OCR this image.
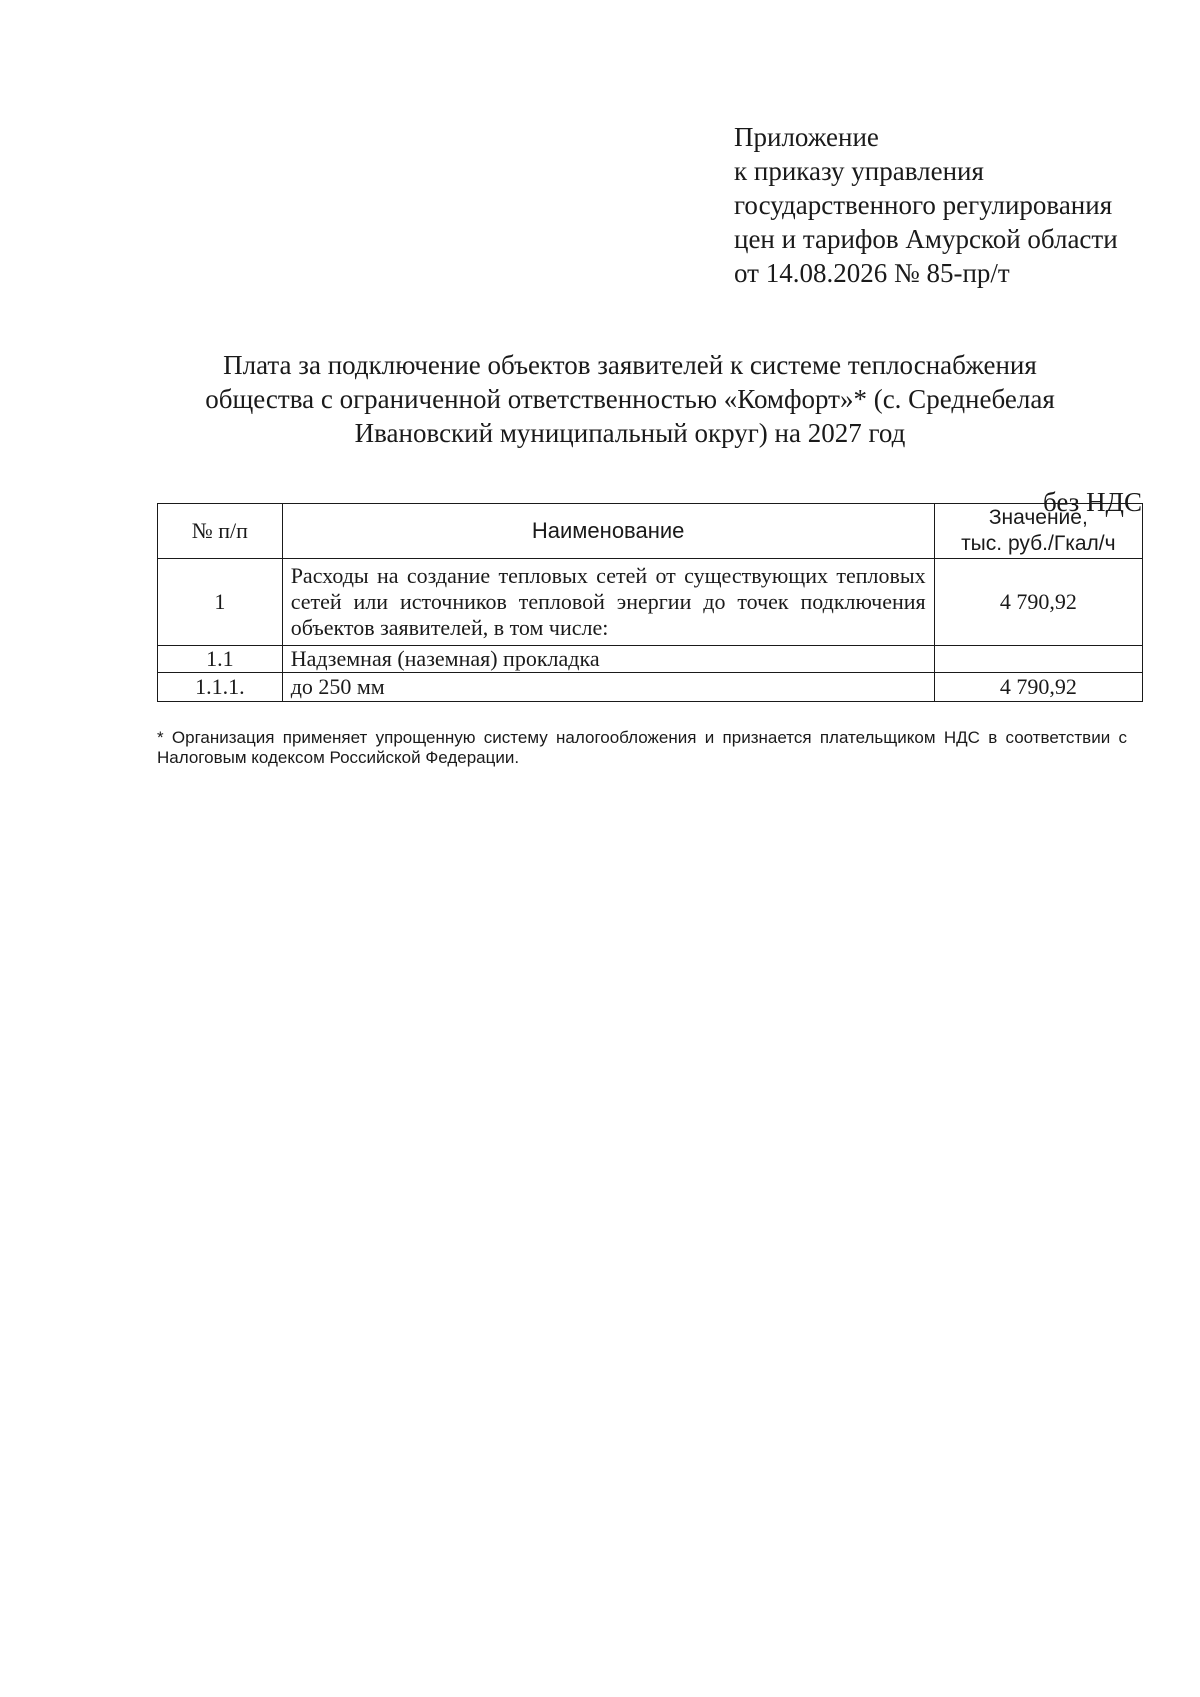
Приложение
к приказу управления
государственного регулирования
цен и тарифов Амурской области
от 14.08.2026 № 85-пр/т
Плата за подключение объектов заявителей к системе теплоснабжения
общества с ограниченной ответственностью «Комфорт»* (с. Среднебелая
Ивановский муниципальный округ) на 2027 год
без НДС
№ п/п	Наименование	Значение,
тыс. руб./Гкал/ч

1	Расходы на создание тепловых сетей от существующих тепловых сетей или источников тепловой энергии до точек подключения объектов заявителей, в том числе:	4 790,92
1.1	Надземная (наземная) прокладка	
1.1.1.	до 250 мм	4 790,92
* Организация применяет упрощенную систему налогообложения и признается плательщиком НДС в соответствии с Налоговым кодексом Российской Федерации.
